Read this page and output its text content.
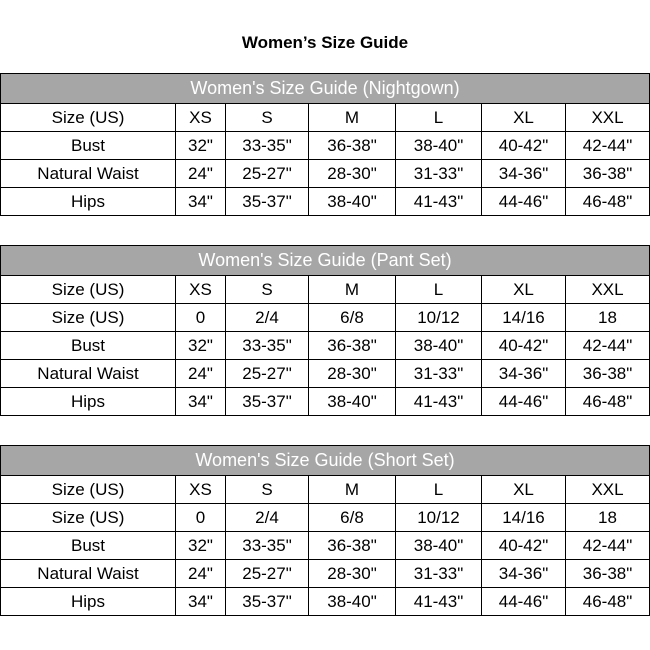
Women’s Size Guide
Women's Size Guide (Nightgown)						
Size (US)	XS	S	M	L	XL	XXL
Bust	32"	33-35"	36-38"	38-40"	40-42"	42-44"
Natural Waist	24"	25-27"	28-30"	31-33"	34-36"	36-38"
Hips	34"	35-37"	38-40"	41-43"	44-46"	46-48"
Women's Size Guide (Pant Set)						
Size (US)	XS	S	M	L	XL	XXL
Size (US)	0	2/4	6/8	10/12	14/16	18
Bust	32"	33-35"	36-38"	38-40"	40-42"	42-44"
Natural Waist	24"	25-27"	28-30"	31-33"	34-36"	36-38"
Hips	34"	35-37"	38-40"	41-43"	44-46"	46-48"
Women's Size Guide (Short Set)						
Size (US)	XS	S	M	L	XL	XXL
Size (US)	0	2/4	6/8	10/12	14/16	18
Bust	32"	33-35"	36-38"	38-40"	40-42"	42-44"
Natural Waist	24"	25-27"	28-30"	31-33"	34-36"	36-38"
Hips	34"	35-37"	38-40"	41-43"	44-46"	46-48"
